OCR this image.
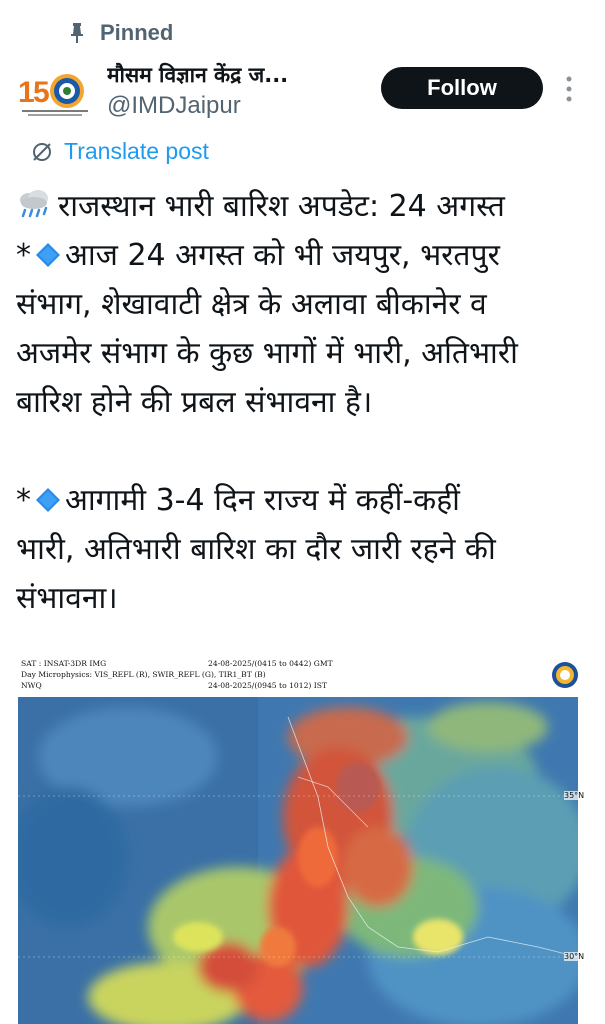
Pinned
1
5
मौसम विज्ञान केंद्र ज...
@IMDJaipur
Follow
Translate post
राजस्थान भारी बारिश अपडेट: 24 अगस्त
* आज 24 अगस्त को भी जयपुर, भरतपुर
संभाग, शेखावाटी क्षेत्र के अलावा बीकानेर व
अजमेर संभाग के कुछ भागों में भारी, अतिभारी
बारिश होने की प्रबल संभावना है।
* आगामी 3-4 दिन राज्य में कहीं-कहीं
भारी, अतिभारी बारिश का दौर जारी रहने की
संभावना।
SAT : INSAT-3DR IMG	24-08-2025/(0415 to 0442) GMT
Day Microphysics: VIS_REFL (R), SWIR_REFL (G), TIR1_BT (B)
NWQ	24-08-2025/(0945 to 1012) IST
35°N
30°N
